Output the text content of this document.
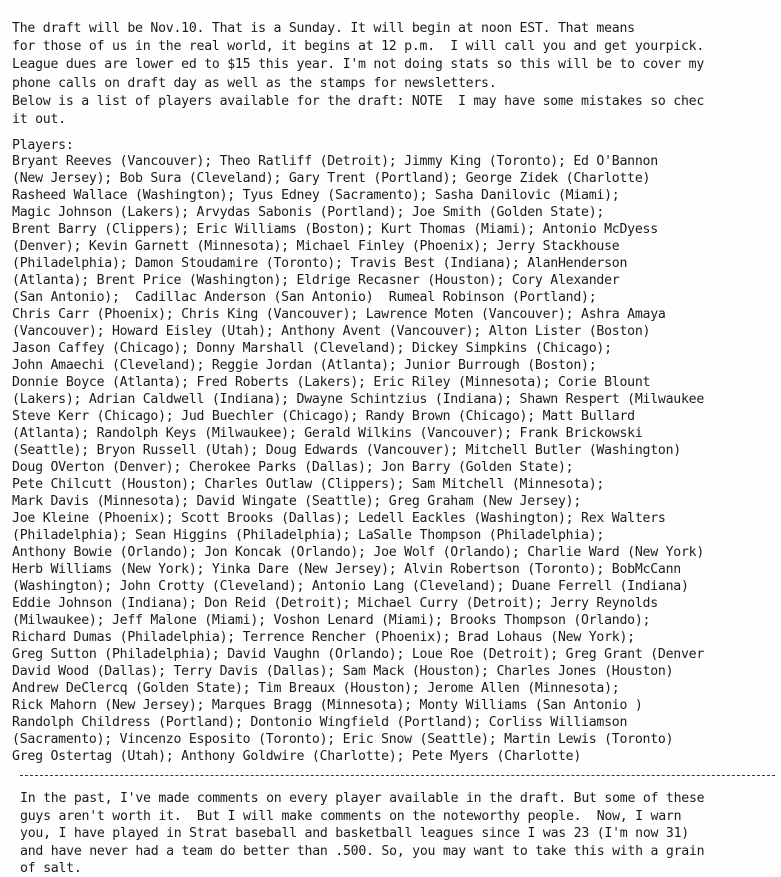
The draft will be Nov.10. That is a Sunday. It will begin at noon EST. That means
for those of us in the real world, it begins at 12 p.m.  I will call you and get yourpick.
League dues are lower ed to $15 this year. I'm not doing stats so this will be to cover my
phone calls on draft day as well as the stamps for newsletters.
Below is a list of players available for the draft: NOTE  I may have some mistakes so chec
it out.
Players:
Bryant Reeves (Vancouver); Theo Ratliff (Detroit); Jimmy King (Toronto); Ed O'Bannon
(New Jersey); Bob Sura (Cleveland); Gary Trent (Portland); George Zidek (Charlotte)
Rasheed Wallace (Washington); Tyus Edney (Sacramento); Sasha Danilovic (Miami);
Magic Johnson (Lakers); Arvydas Sabonis (Portland); Joe Smith (Golden State);
Brent Barry (Clippers); Eric Williams (Boston); Kurt Thomas (Miami); Antonio McDyess
(Denver); Kevin Garnett (Minnesota); Michael Finley (Phoenix); Jerry Stackhouse
(Philadelphia); Damon Stoudamire (Toronto); Travis Best (Indiana); AlanHenderson
(Atlanta); Brent Price (Washington); Eldrige Recasner (Houston); Cory Alexander
(San Antonio);  Cadillac Anderson (San Antonio)  Rumeal Robinson (Portland);
Chris Carr (Phoenix); Chris King (Vancouver); Lawrence Moten (Vancouver); Ashra Amaya
(Vancouver); Howard Eisley (Utah); Anthony Avent (Vancouver); Alton Lister (Boston)
Jason Caffey (Chicago); Donny Marshall (Cleveland); Dickey Simpkins (Chicago);
John Amaechi (Cleveland); Reggie Jordan (Atlanta); Junior Burrough (Boston);
Donnie Boyce (Atlanta); Fred Roberts (Lakers); Eric Riley (Minnesota); Corie Blount
(Lakers); Adrian Caldwell (Indiana); Dwayne Schintzius (Indiana); Shawn Respert (Milwaukee
Steve Kerr (Chicago); Jud Buechler (Chicago); Randy Brown (Chicago); Matt Bullard
(Atlanta); Randolph Keys (Milwaukee); Gerald Wilkins (Vancouver); Frank Brickowski
(Seattle); Bryon Russell (Utah); Doug Edwards (Vancouver); Mitchell Butler (Washington)
Doug OVerton (Denver); Cherokee Parks (Dallas); Jon Barry (Golden State);
Pete Chilcutt (Houston); Charles Outlaw (Clippers); Sam Mitchell (Minnesota);
Mark Davis (Minnesota); David Wingate (Seattle); Greg Graham (New Jersey);
Joe Kleine (Phoenix); Scott Brooks (Dallas); Ledell Eackles (Washington); Rex Walters
(Philadelphia); Sean Higgins (Philadelphia); LaSalle Thompson (Philadelphia);
Anthony Bowie (Orlando); Jon Koncak (Orlando); Joe Wolf (Orlando); Charlie Ward (New York)
Herb Williams (New York); Yinka Dare (New Jersey); Alvin Robertson (Toronto); BobMcCann
(Washington); John Crotty (Cleveland); Antonio Lang (Cleveland); Duane Ferrell (Indiana)
Eddie Johnson (Indiana); Don Reid (Detroit); Michael Curry (Detroit); Jerry Reynolds
(Milwaukee); Jeff Malone (Miami); Voshon Lenard (Miami); Brooks Thompson (Orlando);
Richard Dumas (Philadelphia); Terrence Rencher (Phoenix); Brad Lohaus (New York);
Greg Sutton (Philadelphia); David Vaughn (Orlando); Loue Roe (Detroit); Greg Grant (Denver
David Wood (Dallas); Terry Davis (Dallas); Sam Mack (Houston); Charles Jones (Houston)
Andrew DeClercq (Golden State); Tim Breaux (Houston); Jerome Allen (Minnesota);
Rick Mahorn (New Jersey); Marques Bragg (Minnesota); Monty Williams (San Antonio )
Randolph Childress (Portland); Dontonio Wingfield (Portland); Corliss Williamson
(Sacramento); Vincenzo Esposito (Toronto); Eric Snow (Seattle); Martin Lewis (Toronto)
Greg Ostertag (Utah); Anthony Goldwire (Charlotte); Pete Myers (Charlotte)
In the past, I've made comments on every player available in the draft. But some of these
guys aren't worth it.  But I will make comments on the noteworthy people.  Now, I warn
you, I have played in Strat baseball and basketball leagues since I was 23 (I'm now 31)
and have never had a team do better than .500. So, you may want to take this with a grain
of salt.
